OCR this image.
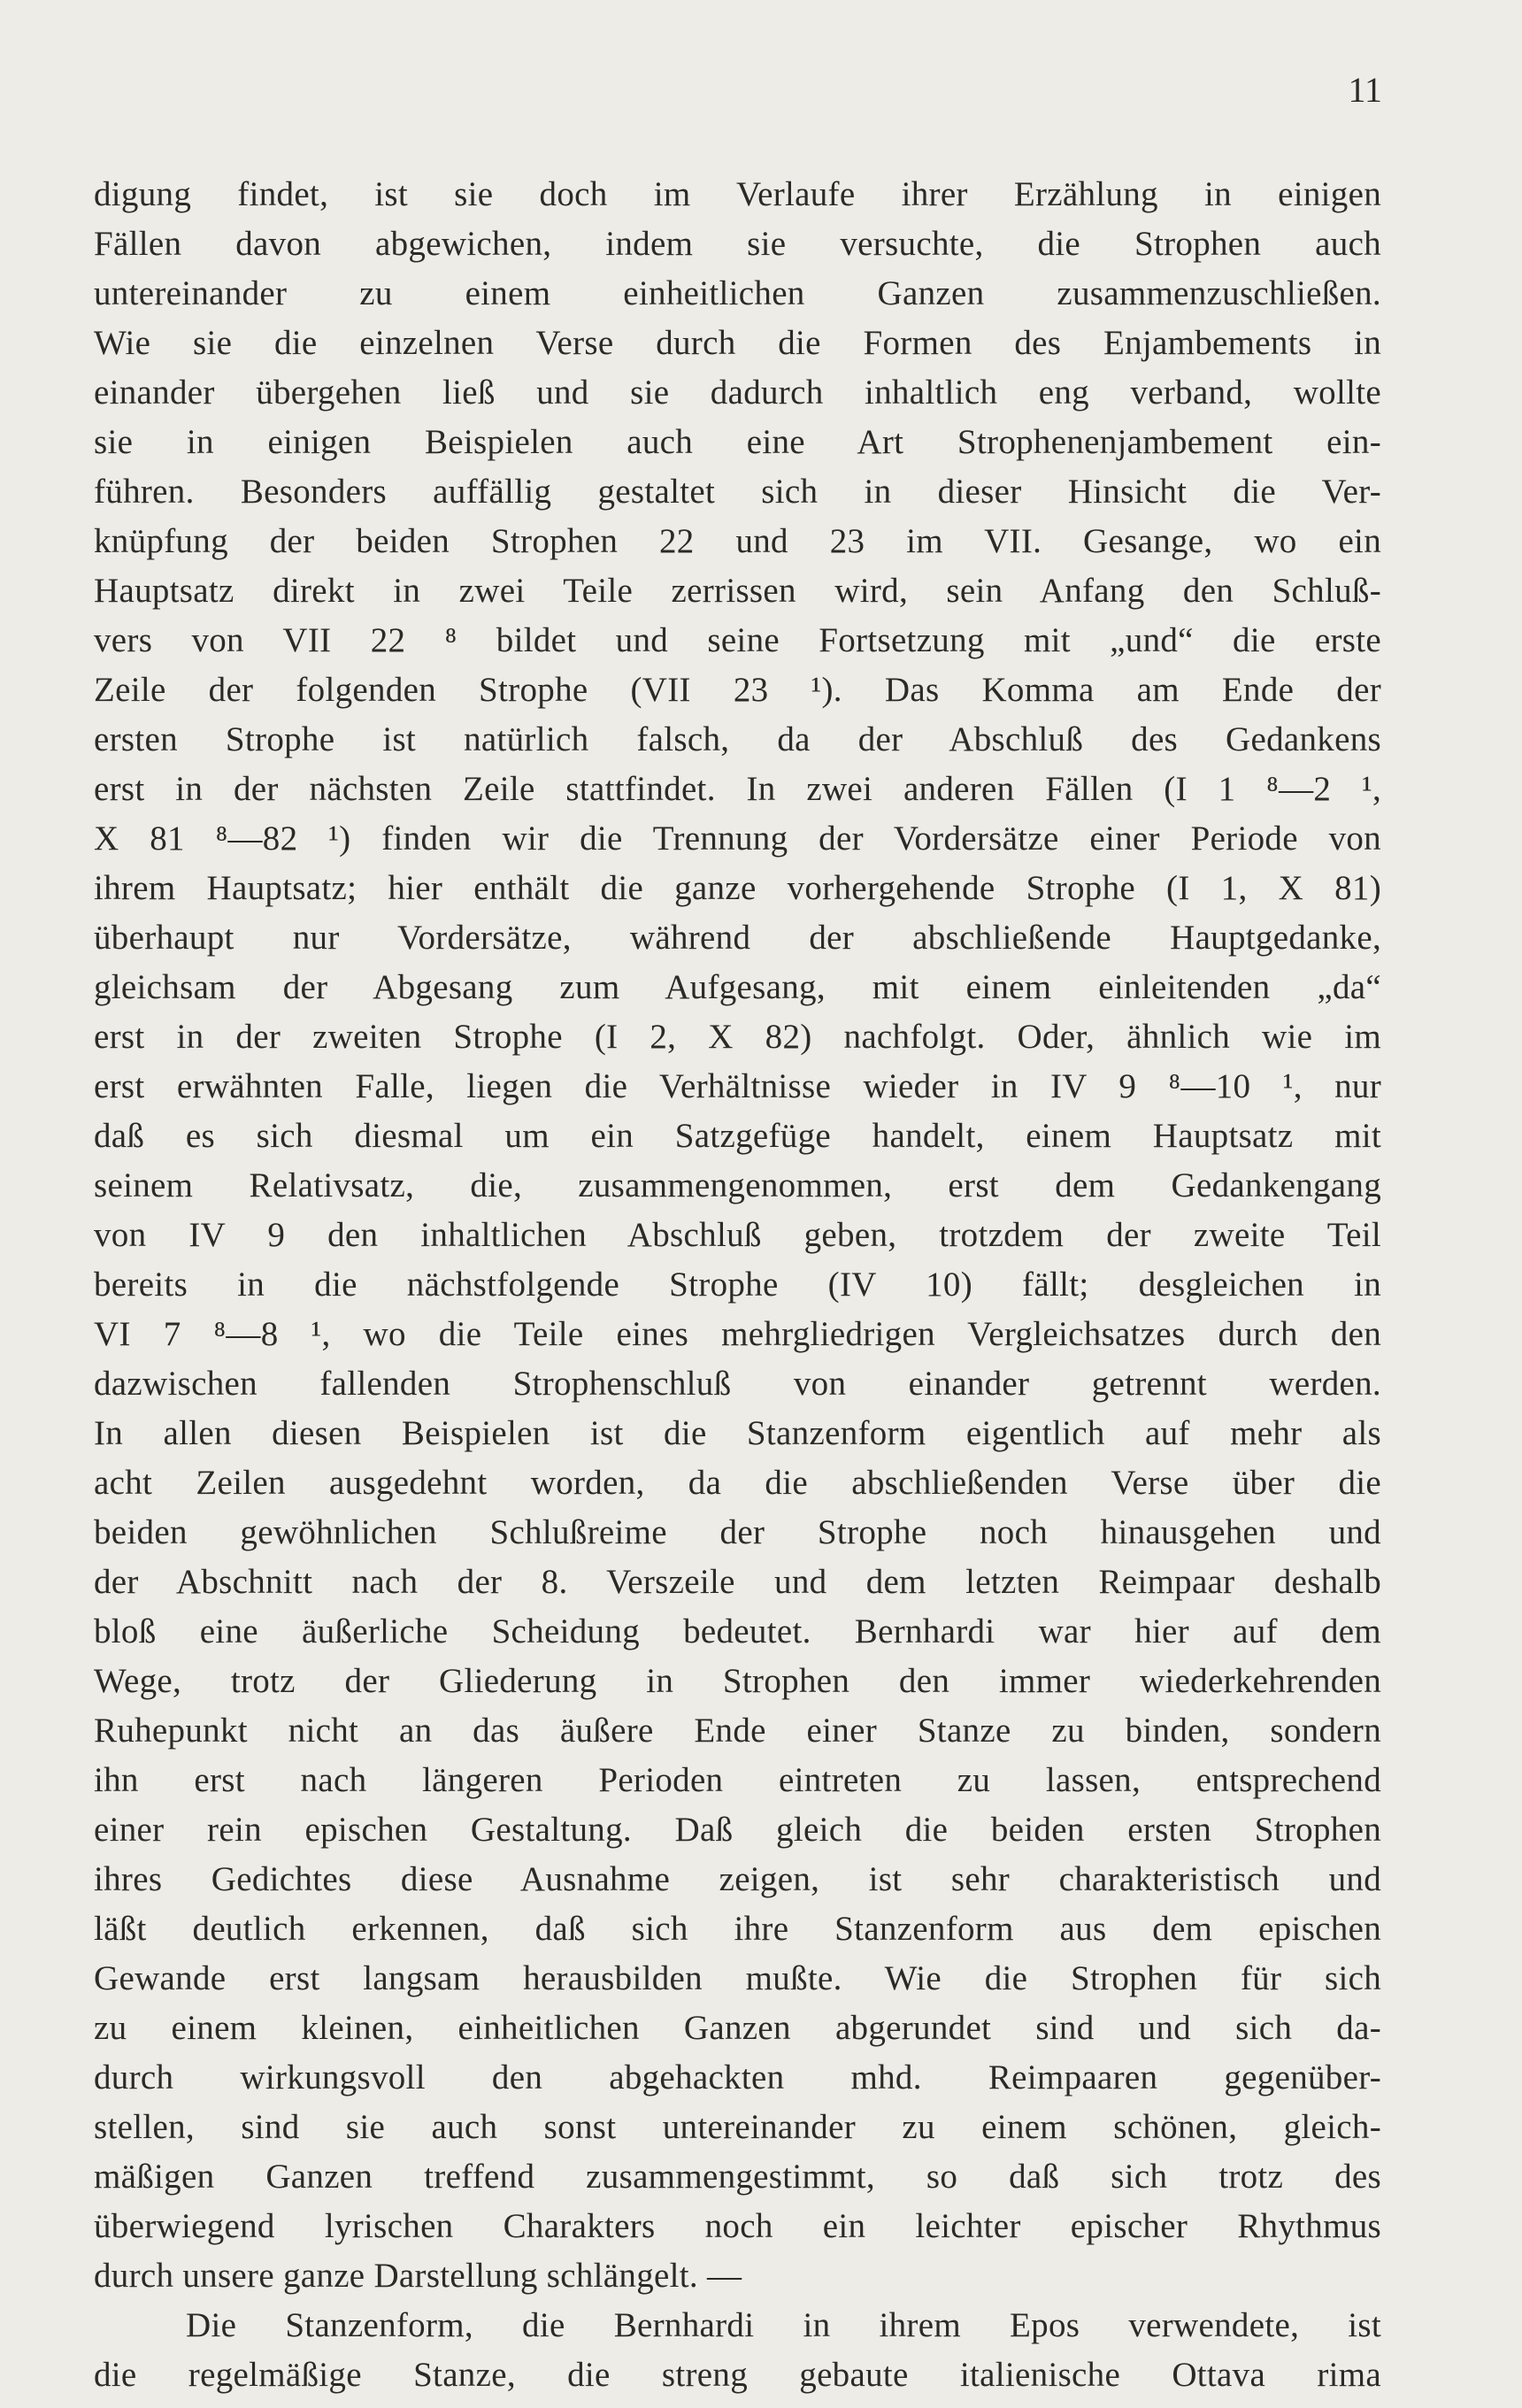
11
digung findet, ist sie doch im Verlaufe ihrer Erzählung in einigen
Fällen davon abgewichen, indem sie versuchte, die Strophen auch
untereinander zu einem einheitlichen Ganzen zusammenzuschließen.
Wie sie die einzelnen Verse durch die Formen des Enjambements in
einander übergehen ließ und sie dadurch inhaltlich eng verband, wollte
sie in einigen Beispielen auch eine Art Strophenenjambement ein-
führen. Besonders auffällig gestaltet sich in dieser Hinsicht die Ver-
knüpfung der beiden Strophen 22 und 23 im VII. Gesange, wo ein
Hauptsatz direkt in zwei Teile zerrissen wird, sein Anfang den Schluß-
vers von VII 22 ⁸ bildet und seine Fortsetzung mit „und“ die erste
Zeile der folgenden Strophe (VII 23 ¹). Das Komma am Ende der
ersten Strophe ist natürlich falsch, da der Abschluß des Gedankens
erst in der nächsten Zeile stattfindet. In zwei anderen Fällen (I 1 ⁸—2 ¹,
X 81 ⁸—82 ¹) finden wir die Trennung der Vordersätze einer Periode von
ihrem Hauptsatz; hier enthält die ganze vorhergehende Strophe (I 1, X 81)
überhaupt nur Vordersätze, während der abschließende Hauptgedanke,
gleichsam der Abgesang zum Aufgesang, mit einem einleitenden „da“
erst in der zweiten Strophe (I 2, X 82) nachfolgt. Oder, ähnlich wie im
erst erwähnten Falle, liegen die Verhältnisse wieder in IV 9 ⁸—10 ¹, nur
daß es sich diesmal um ein Satzgefüge handelt, einem Hauptsatz mit
seinem Relativsatz, die, zusammengenommen, erst dem Gedankengang
von IV 9 den inhaltlichen Abschluß geben, trotzdem der zweite Teil
bereits in die nächstfolgende Strophe (IV 10) fällt; desgleichen in
VI 7 ⁸—8 ¹, wo die Teile eines mehrgliedrigen Vergleichsatzes durch den
dazwischen fallenden Strophenschluß von einander getrennt werden.
In allen diesen Beispielen ist die Stanzenform eigentlich auf mehr als
acht Zeilen ausgedehnt worden, da die abschließenden Verse über die
beiden gewöhnlichen Schlußreime der Strophe noch hinausgehen und
der Abschnitt nach der 8. Verszeile und dem letzten Reimpaar deshalb
bloß eine äußerliche Scheidung bedeutet. Bernhardi war hier auf dem
Wege, trotz der Gliederung in Strophen den immer wiederkehrenden
Ruhepunkt nicht an das äußere Ende einer Stanze zu binden, sondern
ihn erst nach längeren Perioden eintreten zu lassen, entsprechend
einer rein epischen Gestaltung. Daß gleich die beiden ersten Strophen
ihres Gedichtes diese Ausnahme zeigen, ist sehr charakteristisch und
läßt deutlich erkennen, daß sich ihre Stanzenform aus dem epischen
Gewande erst langsam herausbilden mußte. Wie die Strophen für sich
zu einem kleinen, einheitlichen Ganzen abgerundet sind und sich da-
durch wirkungsvoll den abgehackten mhd. Reimpaaren gegenüber-
stellen, sind sie auch sonst untereinander zu einem schönen, gleich-
mäßigen Ganzen treffend zusammengestimmt, so daß sich trotz des
überwiegend lyrischen Charakters noch ein leichter epischer Rhythmus
durch unsere ganze Darstellung schlängelt. —
Die Stanzenform, die Bernhardi in ihrem Epos verwendete, ist
die regelmäßige Stanze, die streng gebaute italienische Ottava rima
